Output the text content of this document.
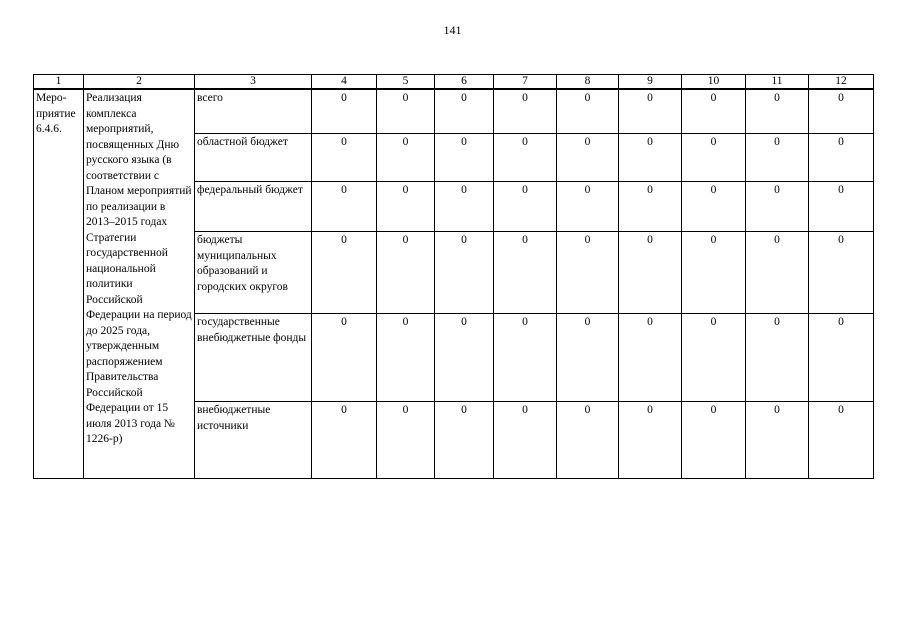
141
1	2	3	4	5	6	7	8	9	10	11	12
Меро-приятие 6.4.6.	Реализация комплекса мероприятий, посвященных Дню русского языка (в соответствии с Планом мероприятий по реализации в 2013–2015 годах Стратегии государственной национальной политики Российской Федерации на период до 2025 года, утвержденным распоряжением Правительства Российской Федерации от 15 июля 2013 года № 1226-р)	всего	0	0	0	0	0	0	0	0	0
		областной бюджет	0	0	0	0	0	0	0	0	0
		федеральный бюджет	0	0	0	0	0	0	0	0	0
		бюджеты муниципальных образований и городских округов	0	0	0	0	0	0	0	0	0
		государственные внебюджетные фонды	0	0	0	0	0	0	0	0	0
		внебюджетные источники	0	0	0	0	0	0	0	0	0
